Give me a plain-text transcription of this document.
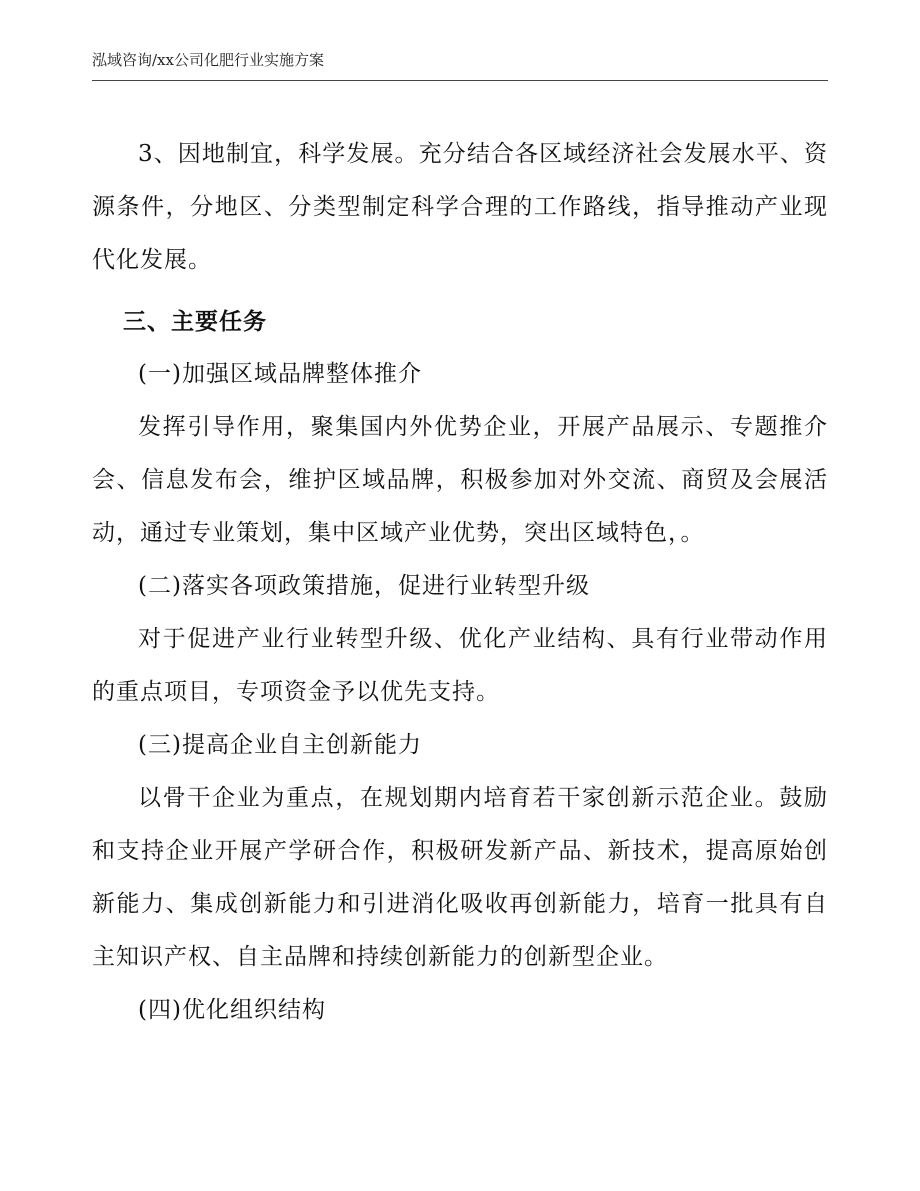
泓域咨询/xx公司化肥行业实施方案

3、因地制宜，科学发展。充分结合各区域经济社会发展水平、资源条件，分地区、分类型制定科学合理的工作路线，指导推动产业现代化发展。

三、主要任务

(一)加强区域品牌整体推介

发挥引导作用，聚集国内外优势企业，开展产品展示、专题推介会、信息发布会，维护区域品牌，积极参加对外交流、商贸及会展活动，通过专业策划，集中区域产业优势，突出区域特色，。

(二)落实各项政策措施，促进行业转型升级

对于促进产业行业转型升级、优化产业结构、具有行业带动作用的重点项目，专项资金予以优先支持。

(三)提高企业自主创新能力

以骨干企业为重点，在规划期内培育若干家创新示范企业。鼓励和支持企业开展产学研合作，积极研发新产品、新技术，提高原始创新能力、集成创新能力和引进消化吸收再创新能力，培育一批具有自主知识产权、自主品牌和持续创新能力的创新型企业。

(四)优化组织结构
